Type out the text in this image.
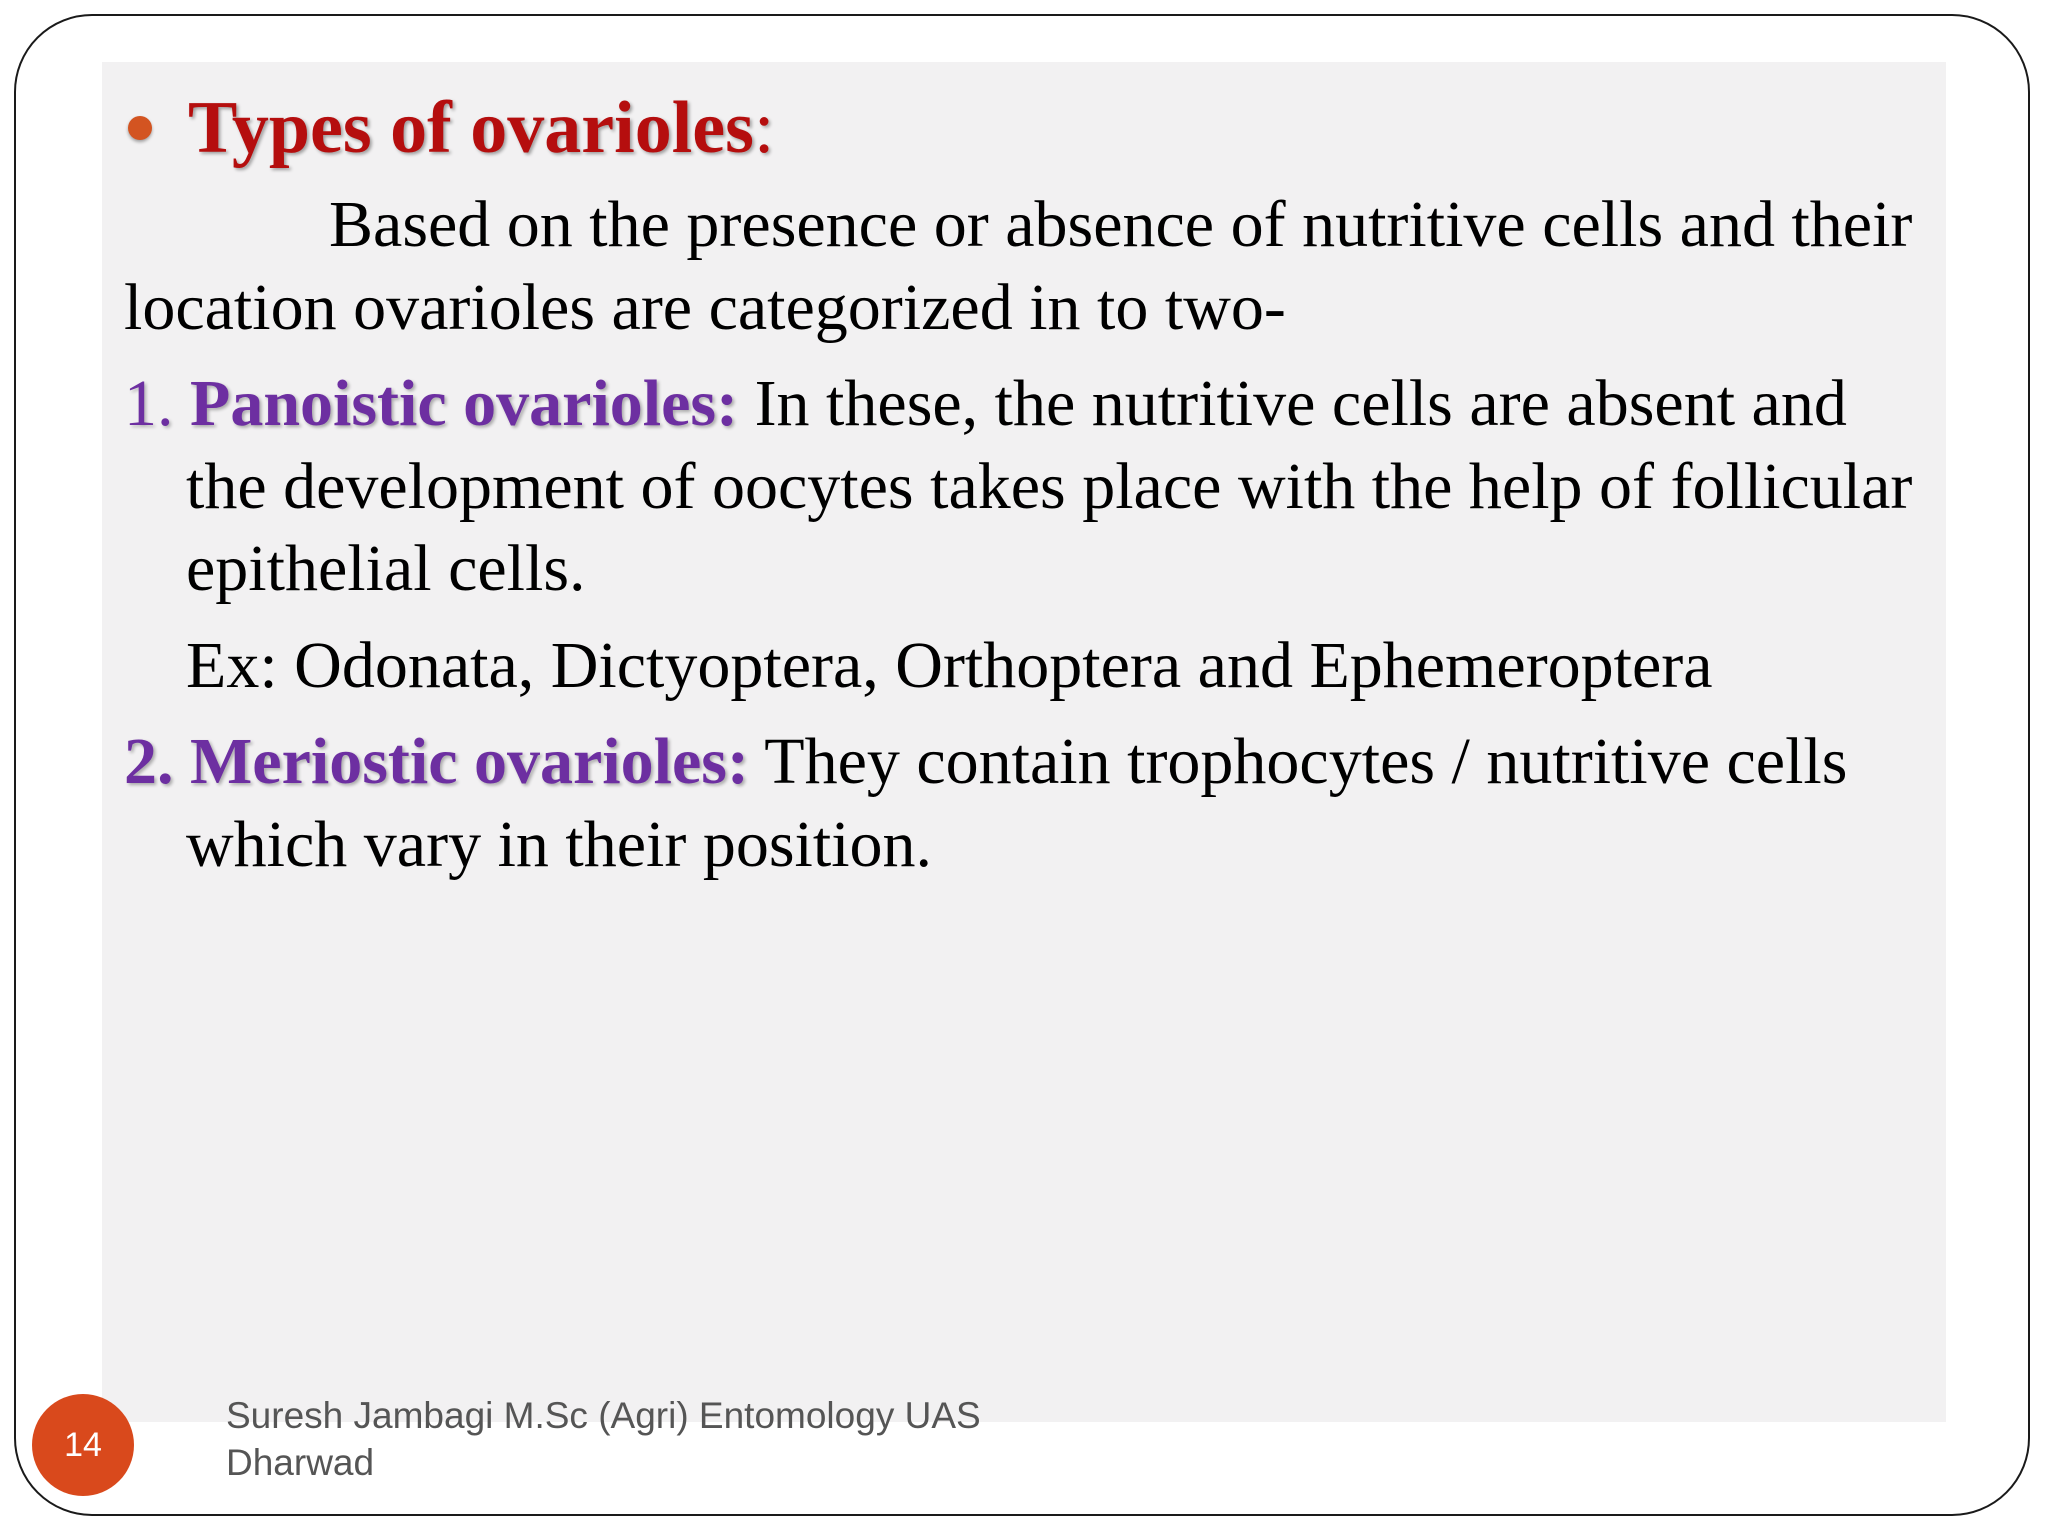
Types of ovarioles:

Based on the presence or absence of nutritive cells and their location ovarioles are categorized in to two-

1. Panoistic ovarioles: In these, the nutritive cells are absent and the development of oocytes takes place with the help of follicular epithelial cells.

Ex: Odonata, Dictyoptera, Orthoptera and Ephemeroptera

2. Meriostic ovarioles: They contain trophocytes / nutritive cells which vary in their position.

14
Suresh Jambagi M.Sc (Agri) Entomology UAS
Dharwad
